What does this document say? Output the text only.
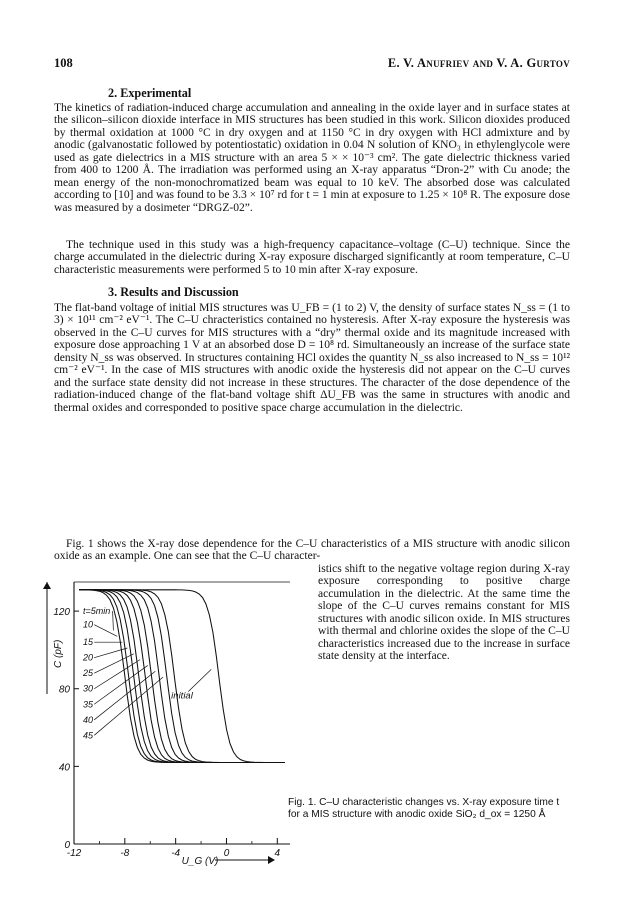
108	E. V. Anufriev and V. A. Gurtov
2. Experimental
The kinetics of radiation-induced charge accumulation and annealing in the oxide layer and in surface states at the silicon–silicon dioxide interface in MIS structures has been studied in this work. Silicon dioxides produced by thermal oxidation at 1000 °C in dry oxygen and at 1150 °C in dry oxygen with HCl admixture and by anodic (galvanostatic followed by potentiostatic) oxidation in 0.04 N solution of KNO₃ in ethylenglycole were used as gate dielectrics in a MIS structure with an area 5 × × 10⁻³ cm². The gate dielectric thickness varied from 400 to 1200 Å. The irradiation was performed using an X-ray apparatus “Dron-2” with Cu anode; the mean energy of the non-monochromatized beam was equal to 10 keV. The absorbed dose was calculated according to [10] and was found to be 3.3 × 10⁷ rd for t = 1 min at exposure to 1.25 × 10⁸ R. The exposure dose was measured by a dosimeter “DRGZ-02”.
The technique used in this study was a high-frequency capacitance–voltage (C–U) technique. Since the charge accumulated in the dielectric during X-ray exposure discharged significantly at room temperature, C–U characteristic measurements were performed 5 to 10 min after X-ray exposure.
3. Results and Discussion
The flat-band voltage of initial MIS structures was U_FB = (1 to 2) V, the density of surface states N_ss = (1 to 3) × 10¹¹ cm⁻² eV⁻¹. The C–U chracteristics contained no hysteresis. After X-ray exposure the hysteresis was observed in the C–U curves for MIS structures with a “dry” thermal oxide and its magnitude increased with exposure dose approaching 1 V at an absorbed dose D = 10⁸ rd. Simultaneously an increase of the surface state density N_ss was observed. In structures containing HCl oxides the quantity N_ss also increased to N_ss = 10¹² cm⁻² eV⁻¹. In the case of MIS structures with anodic oxide the hysteresis did not appear on the C–U curves and the surface state density did not increase in these structures. The character of the dose dependence of the radiation-induced change of the flat-band voltage shift ΔU_FB was the same in structures with anodic and thermal oxides and corresponded to positive space charge accumulation in the dielectric.
Fig. 1 shows the X-ray dose dependence for the C–U characteristics of a MIS structure with anodic silicon oxide as an example. One can see that the C–U character-
istics shift to the negative voltage region during X-ray exposure corresponding to positive charge accumulation in the dielectric. At the same time the slope of the C–U curves remains constant for MIS structures with anodic silicon oxide. In MIS structures with thermal and chlorine oxides the slope of the C–U characteristics increased due to the increase in surface state density at the interface.
120
80
40
0
-12	-8	-4	0	4
C (pF)
U_G (V)
t=5min
10
15
20
25
30
35
40
45
initial
Fig. 1. C–U characteristic changes vs. X-ray exposure time t for a MIS structure with anodic oxide SiO₂ d_ox = 1250 Å
